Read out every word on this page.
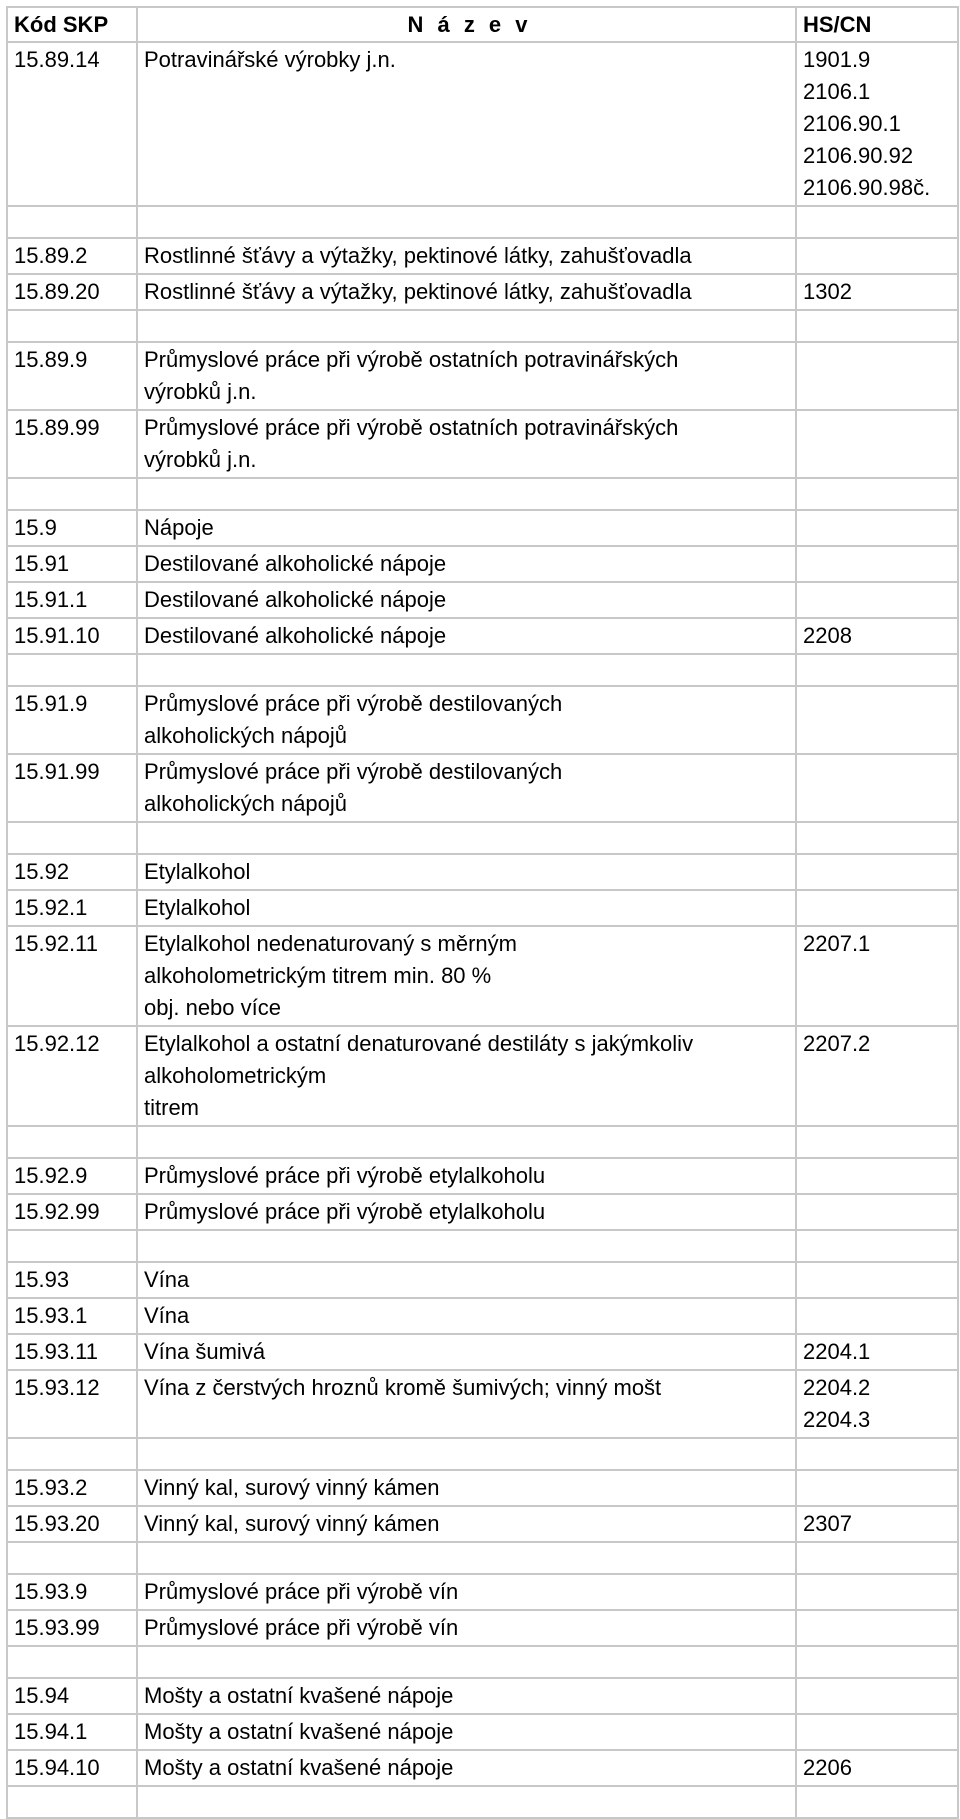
Kód SKP	N á z e v	HS/CN
15.89.14	Potravinářské výrobky j.n.	1901.9
2106.1
2106.90.1
2106.90.92
2106.90.98č.

15.89.2	Rostlinné šťávy a výtažky, pektinové látky, zahušťovadla	
15.89.20	Rostlinné šťávy a výtažky, pektinové látky, zahušťovadla	1302

15.89.9	Průmyslové práce při výrobě ostatních potravinářských
výrobků j.n.	
15.89.99	Průmyslové práce při výrobě ostatních potravinářských
výrobků j.n.	

15.9	Nápoje	
15.91	Destilované alkoholické nápoje	
15.91.1	Destilované alkoholické nápoje	
15.91.10	Destilované alkoholické nápoje	2208

15.91.9	Průmyslové práce při výrobě destilovaných
alkoholických nápojů	
15.91.99	Průmyslové práce při výrobě destilovaných
alkoholických nápojů	

15.92	Etylalkohol	
15.92.1	Etylalkohol	
15.92.11	Etylalkohol nedenaturovaný s měrným
alkoholometrickým titrem min. 80 %
obj. nebo více	2207.1
15.92.12	Etylalkohol a ostatní denaturované destiláty s jakýmkoliv
alkoholometrickým
titrem	2207.2

15.92.9	Průmyslové práce při výrobě etylalkoholu	
15.92.99	Průmyslové práce při výrobě etylalkoholu	

15.93	Vína	
15.93.1	Vína	
15.93.11	Vína šumivá	2204.1
15.93.12	Vína z čerstvých hroznů kromě šumivých; vinný mošt	2204.2
2204.3

15.93.2	Vinný kal, surový vinný kámen	
15.93.20	Vinný kal, surový vinný kámen	2307

15.93.9	Průmyslové práce při výrobě vín	
15.93.99	Průmyslové práce při výrobě vín	

15.94	Mošty a ostatní kvašené nápoje	
15.94.1	Mošty a ostatní kvašené nápoje	
15.94.10	Mošty a ostatní kvašené nápoje	2206
